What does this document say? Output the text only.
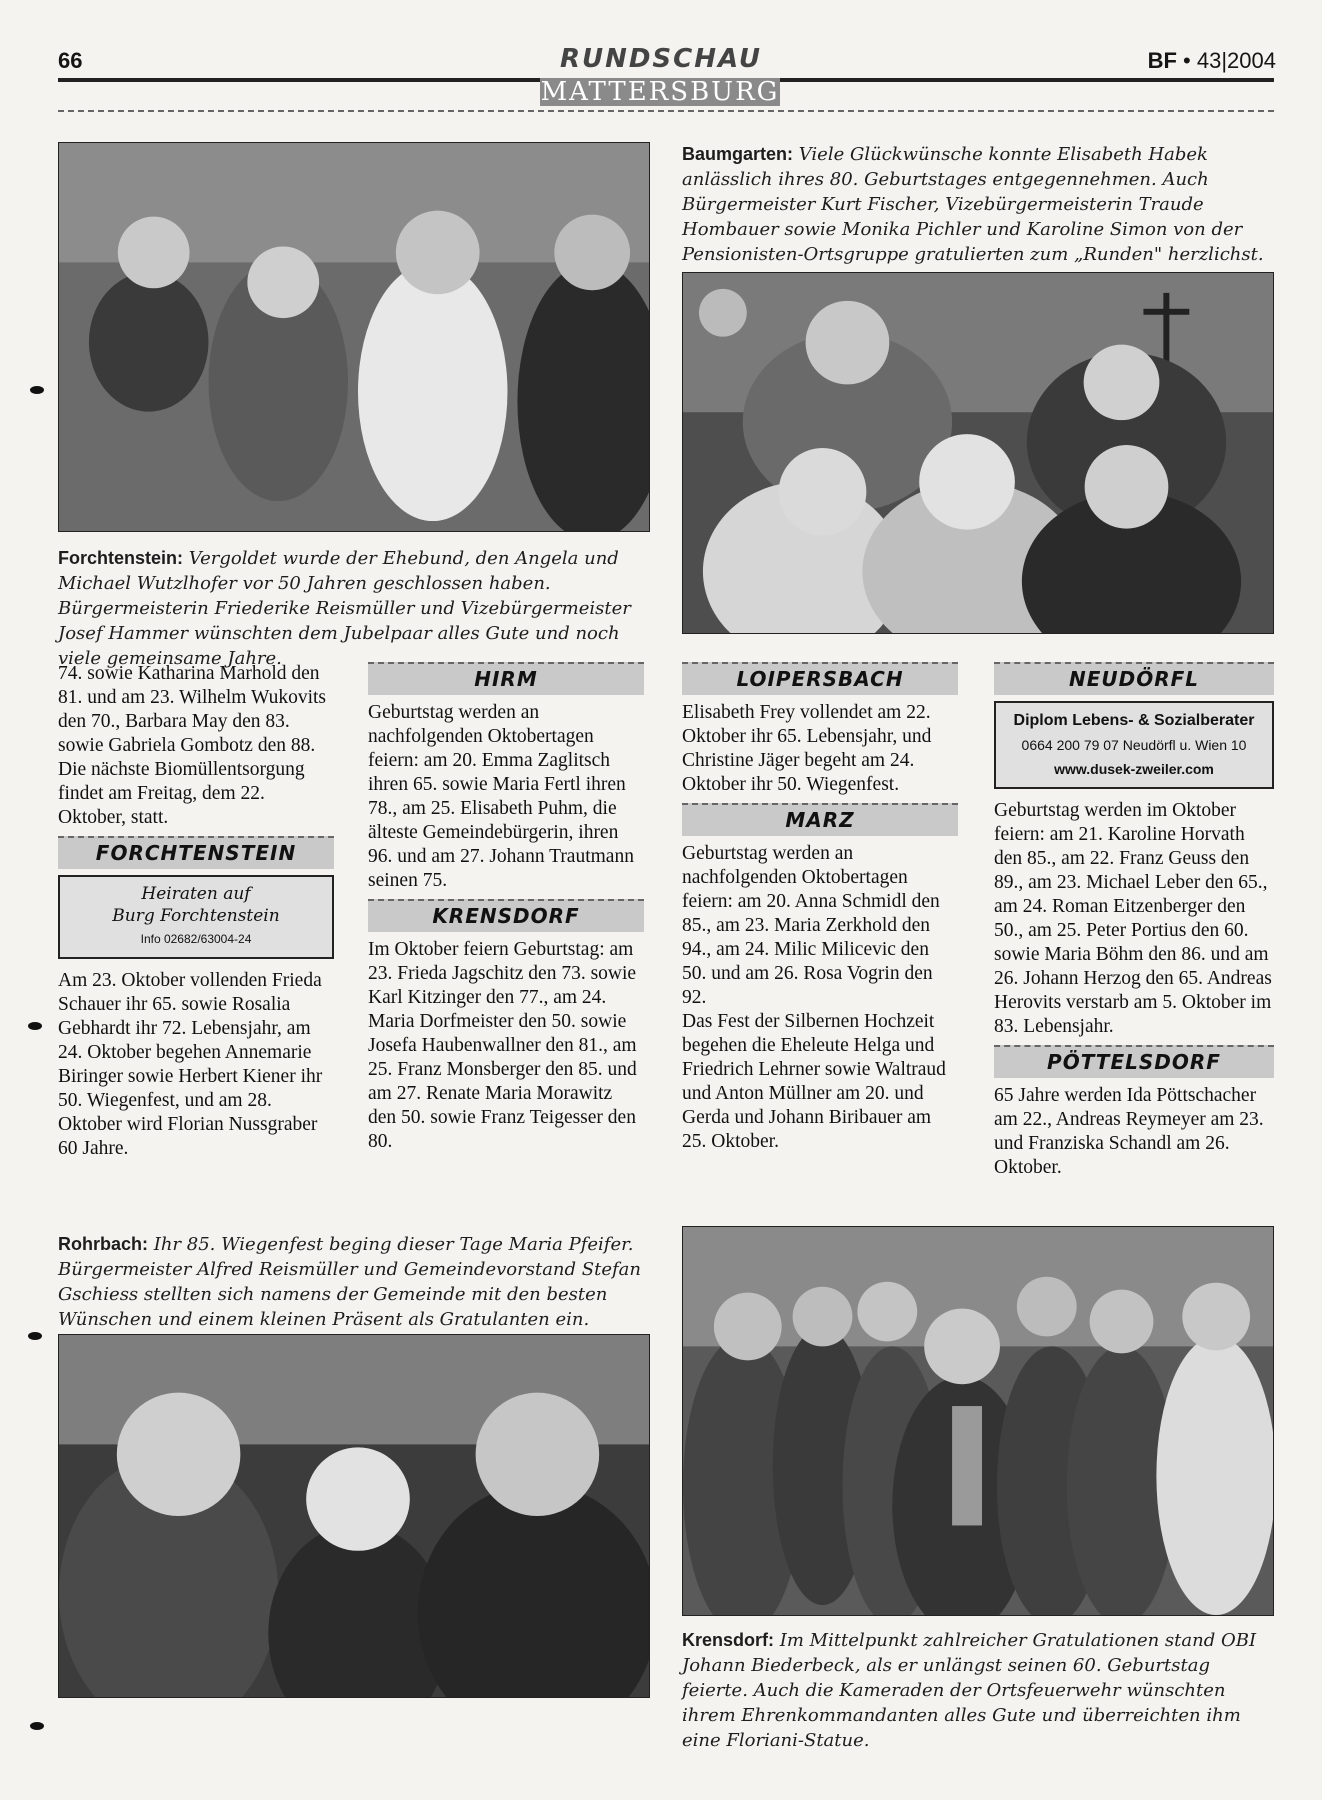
66	RUNDSCHAU	BF • 43|2004
MATTERSBURG
Forchtenstein: Vergoldet wurde der Ehebund, den Angela und Michael Wutzlhofer vor 50 Jahren geschlossen haben. Bürgermeisterin Friederike Reismüller und Vizebürgermeister Josef Hammer wünschten dem Jubelpaar alles Gute und noch viele gemeinsame Jahre.
Baumgarten: Viele Glückwünsche konnte Elisabeth Habek anlässlich ihres 80. Geburtstages entgegennehmen. Auch Bürgermeister Kurt Fischer, Vizebürgermeisterin Traude Hombauer sowie Monika Pichler und Karoline Simon von der Pensionisten-Ortsgruppe gratulierten zum „Runden" herzlichst.

74. sowie Katharina Marhold den 81. und am 23. Wilhelm Wukovits den 70., Barbara May den 83. sowie Gabriela Gombotz den 88.

Die nächste Biomüllentsorgung findet am Freitag, dem 22. Oktober, statt.

FORCHTENSTEIN
Heiraten auf
Burg Forchtenstein
Info 02682/63004-24

Am 23. Oktober vollenden Frieda Schauer ihr 65. sowie Rosalia Gebhardt ihr 72. Lebensjahr, am 24. Oktober begehen Annemarie Biringer sowie Herbert Kiener ihr 50. Wiegenfest, und am 28. Oktober wird Florian Nussgraber 60 Jahre.

HIRM

Geburtstag werden an nachfolgenden Oktobertagen feiern: am 20. Emma Zaglitsch ihren 65. sowie Maria Fertl ihren 78., am 25. Elisabeth Puhm, die älteste Gemeindebürgerin, ihren 96. und am 27. Johann Trautmann seinen 75.

KRENSDORF

Im Oktober feiern Geburtstag: am 23. Frieda Jagschitz den 73. sowie Karl Kitzinger den 77., am 24. Maria Dorfmeister den 50. sowie Josefa Haubenwallner den 81., am 25. Franz Monsberger den 85. und am 27. Renate Maria Morawitz den 50. sowie Franz Teigesser den 80.

LOIPERSBACH

Elisabeth Frey vollendet am 22. Oktober ihr 65. Lebensjahr, und Christine Jäger begeht am 24. Oktober ihr 50. Wiegenfest.

MARZ

Geburtstag werden an nachfolgenden Oktobertagen feiern: am 20. Anna Schmidl den 85., am 23. Maria Zerkhold den 94., am 24. Milic Milicevic den 50. und am 26. Rosa Vogrin den 92.

Das Fest der Silbernen Hochzeit begehen die Eheleute Helga und Friedrich Lehrner sowie Waltraud und Anton Müllner am 20. und Gerda und Johann Biribauer am 25. Oktober.

NEUDÖRFL
Diplom Lebens- & Sozialberater
0664 200 79 07 Neudörfl u. Wien 10
www.dusek-zweiler.com

Geburtstag werden im Oktober feiern: am 21. Karoline Horvath den 85., am 22. Franz Geuss den 89., am 23. Michael Leber den 65., am 24. Roman Eitzenberger den 50., am 25. Peter Portius den 60. sowie Maria Böhm den 86. und am 26. Johann Herzog den 65. Andreas Herovits verstarb am 5. Oktober im 83. Lebensjahr.

PÖTTELSDORF

65 Jahre werden Ida Pöttschacher am 22., Andreas Reymeyer am 23. und Franziska Schandl am 26. Oktober.

Rohrbach: Ihr 85. Wiegenfest beging dieser Tage Maria Pfeifer. Bürgermeister Alfred Reismüller und Gemeindevorstand Stefan Gschiess stellten sich namens der Gemeinde mit den besten Wünschen und einem kleinen Präsent als Gratulanten ein.
Krensdorf: Im Mittelpunkt zahlreicher Gratulationen stand OBI Johann Biederbeck, als er unlängst seinen 60. Geburtstag feierte. Auch die Kameraden der Ortsfeuerwehr wünschten ihrem Ehrenkommandanten alles Gute und überreichten ihm eine Floriani-Statue.
